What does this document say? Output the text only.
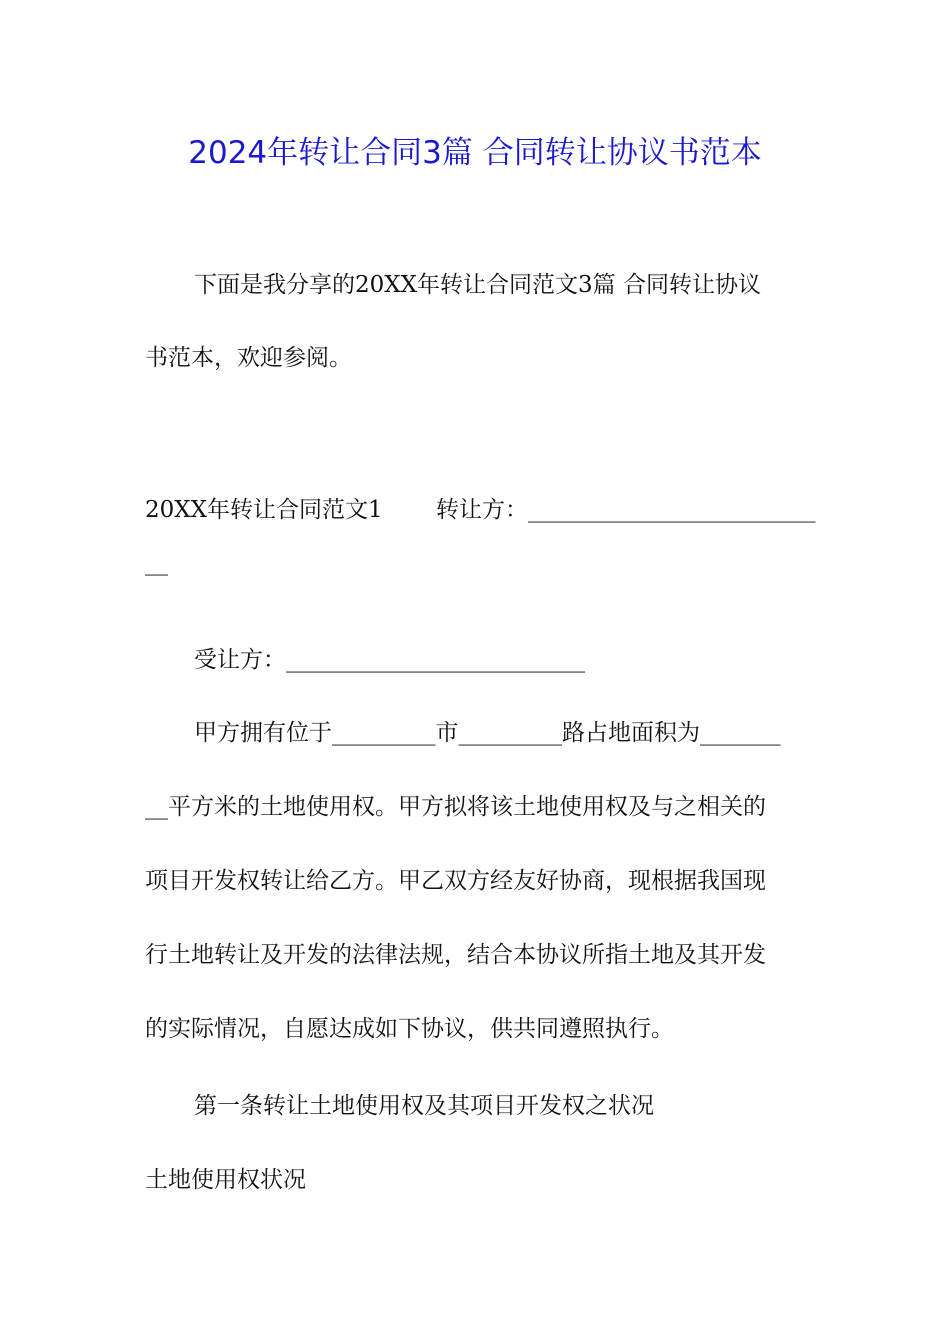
2024年转让合同3篇 合同转让协议书范本

下面是我分享的20XX年转让合同范文3篇 合同转让协议

书范本，欢迎参阅。

20XX年转让合同范文1　　 转让方：_________________________

__

受让方：__________________________

甲方拥有位于_________市_________路占地面积为_______

__平方米的土地使用权。甲方拟将该土地使用权及与之相关的

项目开发权转让给乙方。甲乙双方经友好协商，现根据我国现

行土地转让及开发的法律法规，结合本协议所指土地及其开发

的实际情况，自愿达成如下协议，供共同遵照执行。

第一条转让土地使用权及其项目开发权之状况

土地使用权状况
